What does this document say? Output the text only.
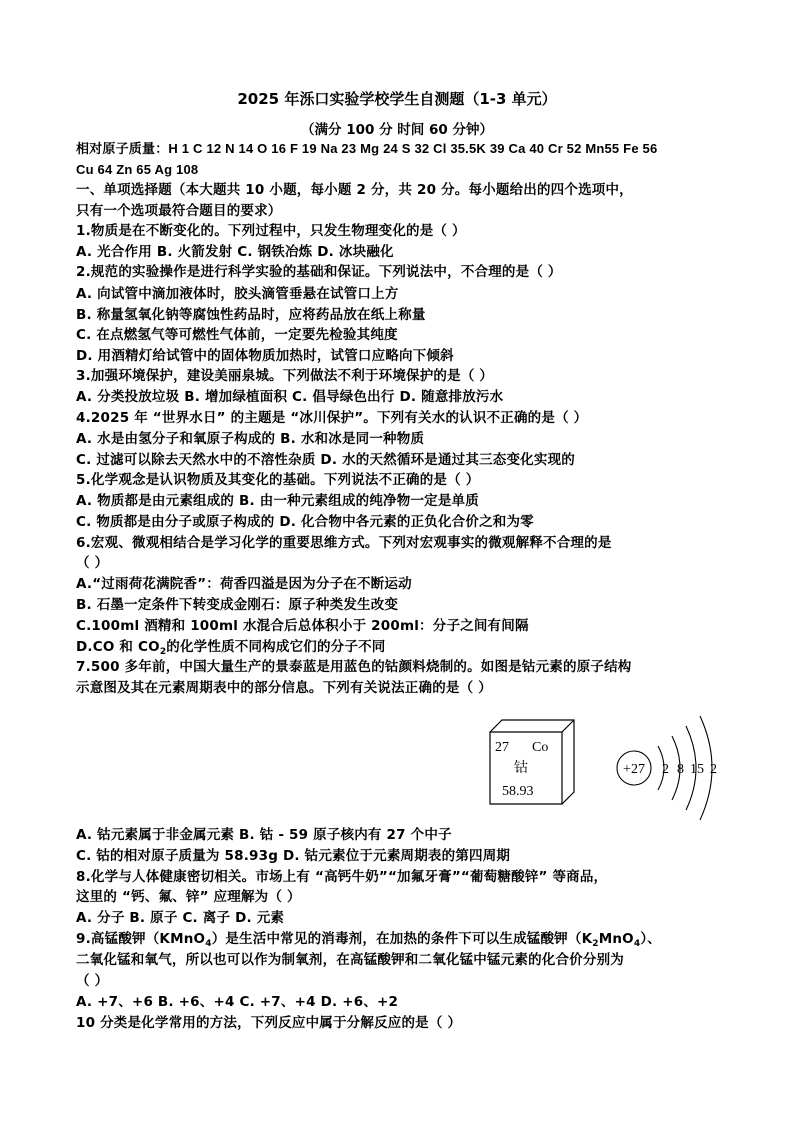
2025 年泺口实验学校学生自测题（1-3 单元）
（满分 100 分 时间 60 分钟）
相对原子质量：H 1 C 12 N 14 O 16 F 19 Na 23 Mg 24 S 32 Cl 35.5K 39 Ca 40 Cr 52 Mn55 Fe 56
Cu 64 Zn 65 Ag 108
一、单项选择题（本大题共 10 小题，每小题 2 分，共 20 分。每小题给出的四个选项中，
只有一个选项最符合题目的要求）
1.物质是在不断变化的。下列过程中，只发生物理变化的是（ ）
A. 光合作用 B. 火箭发射 C. 钢铁冶炼 D. 冰块融化
2.规范的实验操作是进行科学实验的基础和保证。下列说法中，不合理的是（ ）
A. 向试管中滴加液体时，胶头滴管垂悬在试管口上方
B. 称量氢氧化钠等腐蚀性药品时，应将药品放在纸上称量
C. 在点燃氢气等可燃性气体前，一定要先检验其纯度
D. 用酒精灯给试管中的固体物质加热时，试管口应略向下倾斜
3.加强环境保护，建设美丽泉城。下列做法不利于环境保护的是（ ）
A. 分类投放垃圾 B. 增加绿植面积 C. 倡导绿色出行 D. 随意排放污水
4.2025 年 “世界水日” 的主题是 “冰川保护”。下列有关水的认识不正确的是（ ）
A. 水是由氢分子和氧原子构成的 B. 水和冰是同一种物质
C. 过滤可以除去天然水中的不溶性杂质 D. 水的天然循环是通过其三态变化实现的
5.化学观念是认识物质及其变化的基础。下列说法不正确的是（ ）
A. 物质都是由元素组成的 B. 由一种元素组成的纯净物一定是单质
C. 物质都是由分子或原子构成的 D. 化合物中各元素的正负化合价之和为零
6.宏观、微观相结合是学习化学的重要思维方式。下列对宏观事实的微观解释不合理的是
（ ）
A.“过雨荷花满院香”：荷香四溢是因为分子在不断运动
B. 石墨一定条件下转变成金刚石：原子种类发生改变
C.100ml 酒精和 100ml 水混合后总体积小于 200ml：分子之间有间隔
D.CO 和 $CO_2$的化学性质不同构成它们的分子不同
7.500 多年前，中国大量生产的景泰蓝是用蓝色的钴颜料烧制的。如图是钴元素的原子结构
示意图及其在元素周期表中的部分信息。下列有关说法正确的是（ ）
27 Co
钴
58.93
+27 2 8 15 2
A. 钴元素属于非金属元素 B. 钴 - 59 原子核内有 27 个中子
C. 钴的相对原子质量为 58.93g D. 钴元素位于元素周期表的第四周期
8.化学与人体健康密切相关。市场上有 “高钙牛奶”“加氟牙膏”“葡萄糖酸锌” 等商品，
这里的 “钙、氟、锌” 应理解为（ ）
A. 分子 B. 原子 C. 离子 D. 元素
9.高锰酸钾（KMnO$_4$）是生活中常见的消毒剂，在加热的条件下可以生成锰酸钾$(K_2MnO_4)$、
二氧化锰和氧气，所以也可以作为制氧剂，在高锰酸钾和二氧化锰中锰元素的化合价分别为
（ ）
A. +7、+6 B. +6、+4 C. +7、+4 D. +6、+2
10 分类是化学常用的方法，下列反应中属于分解反应的是（ ）
